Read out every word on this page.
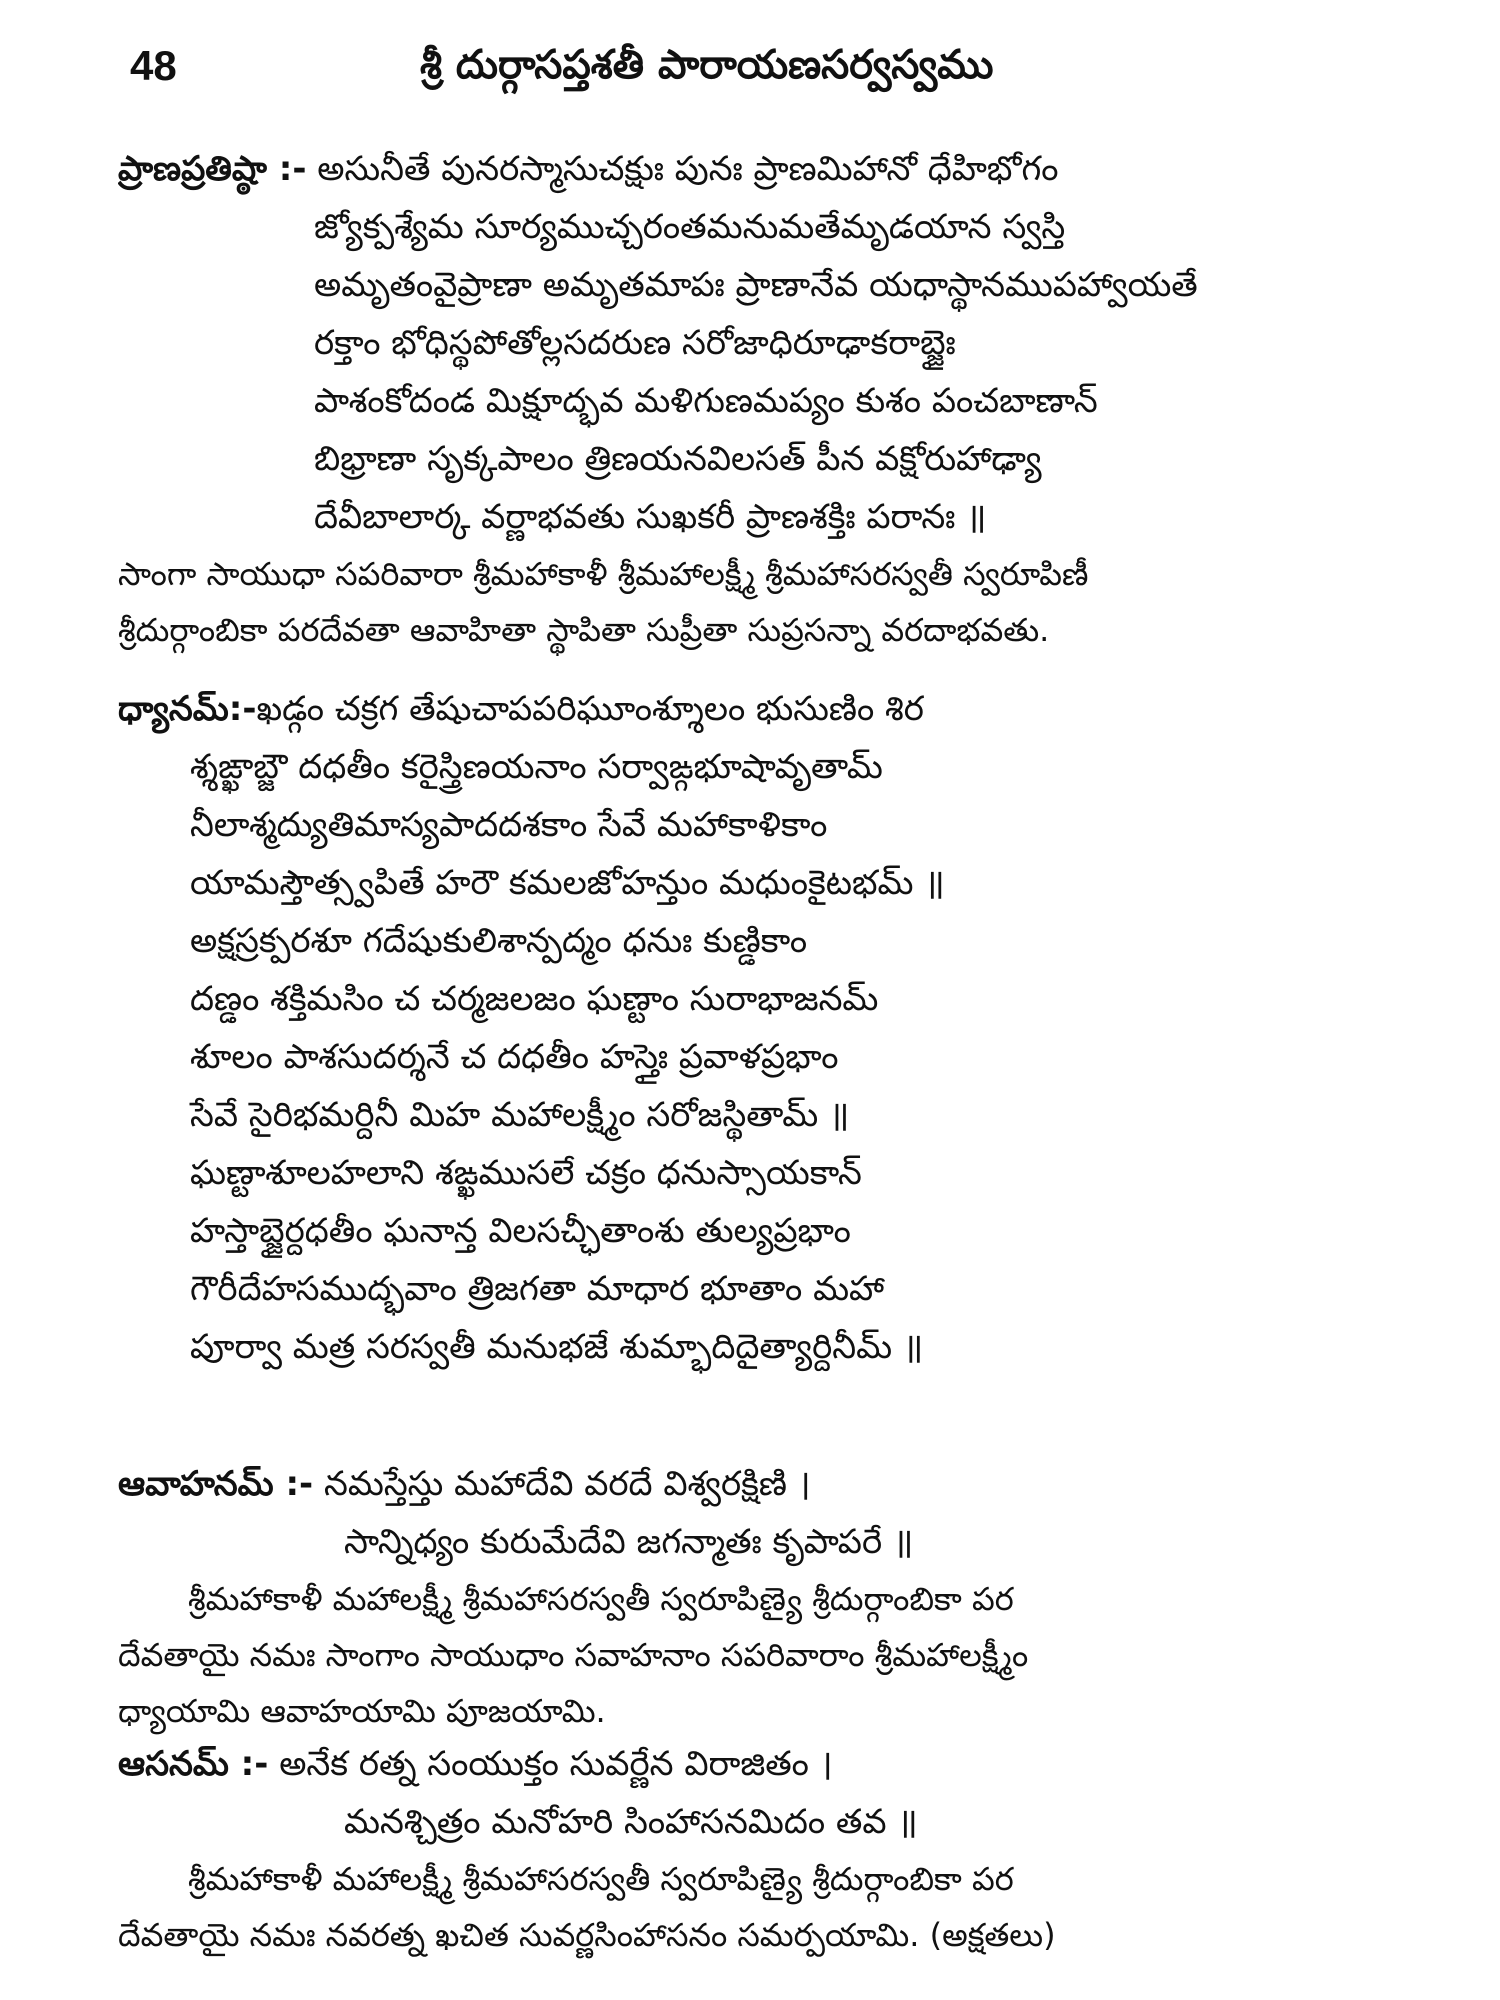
48	శ్రీ దుర్గాసప్తశతీ పారాయణసర్వస్వము
ప్రాణప్రతిష్ఠా :- అసునీతే పునరస్మాసుచక్షుః పునః ప్రాణమిహానో ధేహిభోగం
జ్యోక్పశ్యేమ సూర్యముచ్చరంతమనుమతేమృడయాన స్వస్తి
అమృతంవైప్రాణా అమృతమాపః ప్రాణానేవ యధాస్థానముపహ్వాయతే
రక్తాం భోధిస్థపోతోల్లసదరుణ సరోజాధిరూఢాకరాబ్జైః
పాశంకోదండ మిక్షూద్భవ మళిగుణమప్యం కుశం పంచబాణాన్
బిభ్రాణా సృక్కపాలం త్రిణయనవిలసత్ పీన వక్షోరుహాఢ్యా
దేవీబాలార్క వర్ణాభవతు సుఖకరీ ప్రాణశక్తిః పరానః ॥
సాంగా సాయుధా సపరివారా శ్రీమహాకాళీ శ్రీమహాలక్ష్మీ శ్రీమహాసరస్వతీ స్వరూపిణీ
శ్రీదుర్గాంబికా పరదేవతా ఆవాహితా స్థాపితా సుప్రీతా సుప్రసన్నా వరదాభవతు.
ధ్యానమ్:-ఖడ్గం చక్రగ తేషుచాపపరిఘూంశ్శూలం భుసుణిం శిర
శ్శఙ్ఖాబ్జౌ దధతీం కరైస్త్రిణయనాం సర్వాఙ్గభూషావృతామ్
నీలాశ్మద్యుతిమాస్యపాదదశకాం సేవే మహాకాళికాం
యామస్తౌత్స్వపితే హరౌ కమలజోహన్తుం మధుంకైటభమ్ ॥
అక్షస్రక్పరశూ గదేషుకులిశాన్పద్మం ధనుః కుణ్డికాం
దణ్డం శక్తిమసిం చ చర్మజలజం ఘణ్టాం సురాభాజనమ్
శూలం పాశసుదర్శనే చ దధతీం హస్తైః ప్రవాళప్రభాం
సేవే సైరిభమర్దినీ మిహ మహాలక్ష్మీం సరోజస్థితామ్ ॥
ఘణ్టాశూలహలాని శఙ్ఖముసలే చక్రం ధనుస్సాయకాన్
హస్తాబ్జైర్దధతీం ఘనాన్త విలసచ్ఛీతాంశు తుల్యప్రభాం
గౌరీదేహసముద్భవాం త్రిజగతా మాధార భూతాం మహా
పూర్వా మత్ర సరస్వతీ మనుభజే శుమ్భాదిదైత్యార్దినీమ్ ॥
ఆవాహనమ్ :- నమస్తేస్తు మహాదేవి వరదే విశ్వరక్షిణి ।
సాన్నిధ్యం కురుమేదేవి జగన్మాతః కృపాపరే ॥
శ్రీమహాకాళీ మహాలక్ష్మీ శ్రీమహాసరస్వతీ స్వరూపిణ్యై శ్రీదుర్గాంబికా పర
దేవతాయై నమః సాంగాం సాయుధాం సవాహనాం సపరివారాం శ్రీమహాలక్ష్మీం
ధ్యాయామి ఆవాహయామి పూజయామి.
ఆసనమ్ :- అనేక రత్న సంయుక్తం సువర్ణేన విరాజితం ।
మనశ్చిత్రం మనోహరి సింహాసనమిదం తవ ॥
శ్రీమహాకాళీ మహాలక్ష్మీ శ్రీమహాసరస్వతీ స్వరూపిణ్యై శ్రీదుర్గాంబికా పర
దేవతాయై నమః నవరత్న ఖచిత సువర్ణసింహాసనం సమర్పయామి. (అక్షతలు)
